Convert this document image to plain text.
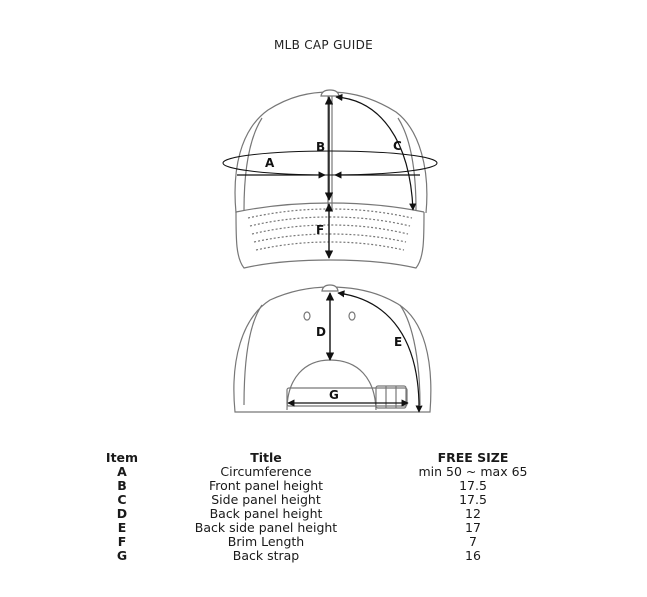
MLB CAP GUIDE
A
B	C
F
D
E
G
Item	Title	FREE SIZE
A	Circumference	min 50 ~ max 65
B	Front panel height	17.5
C	Side panel height	17.5
D	Back panel height	12
E	Back side panel height	17
F	Brim Length	7
G	Back strap	16
